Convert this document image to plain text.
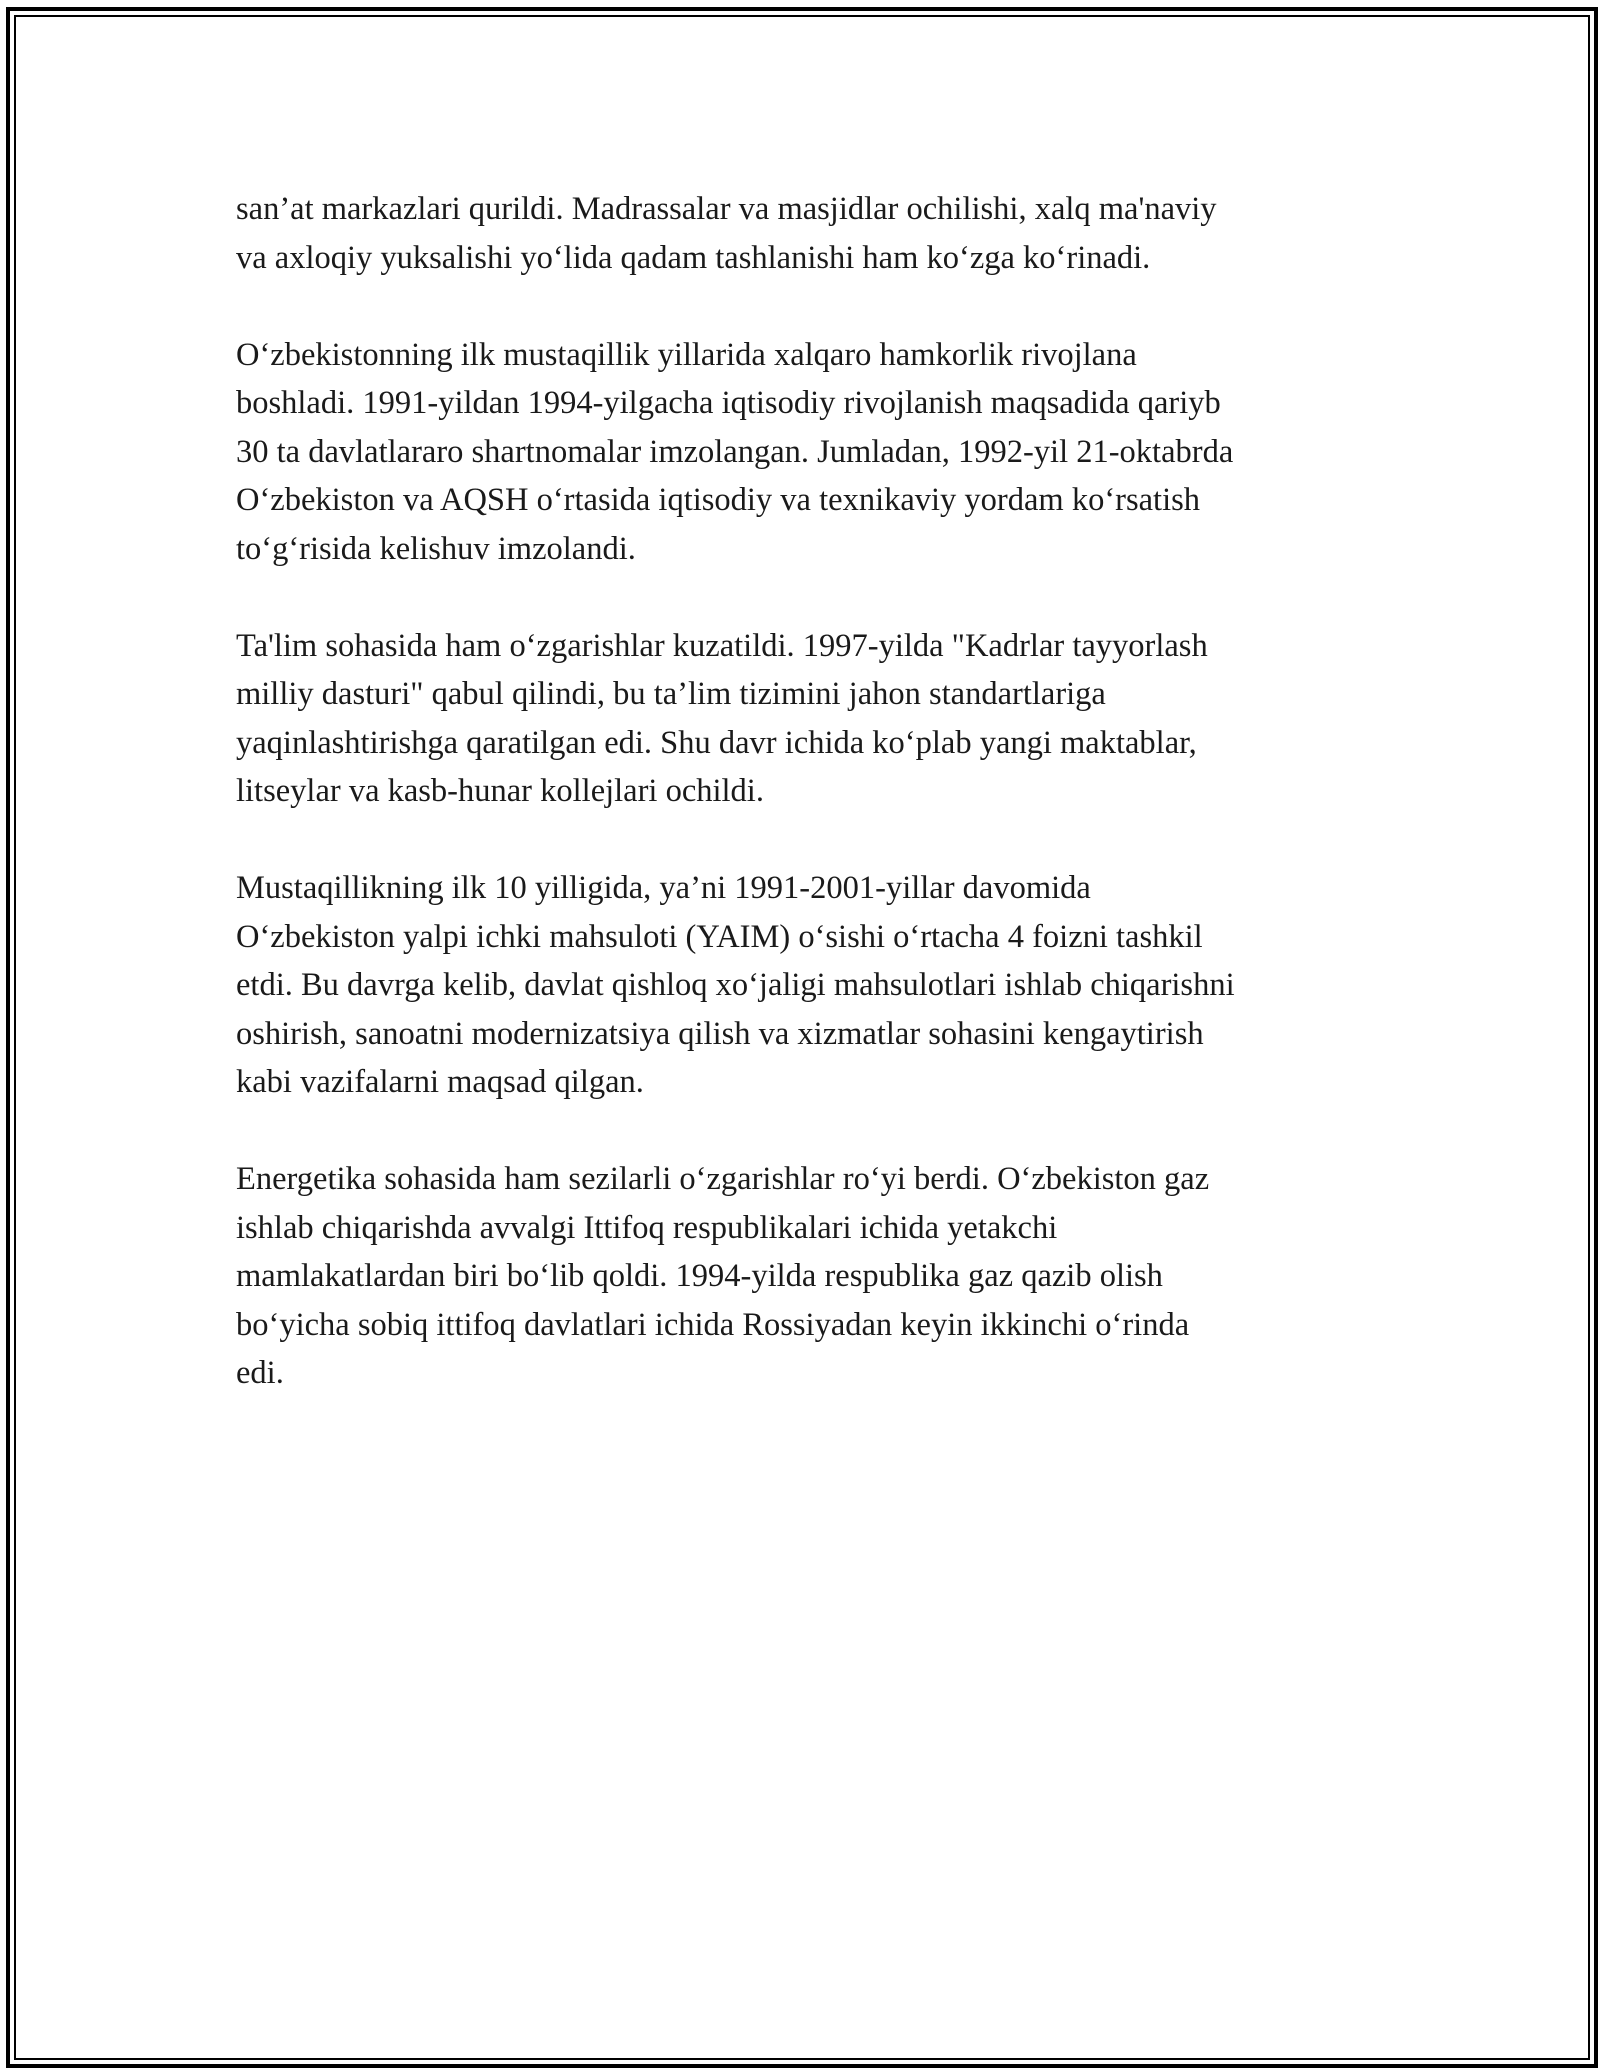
san’at markazlari qurildi. Madrassalar va masjidlar ochilishi, xalq ma'naviy
va axloqiy yuksalishi yo‘lida qadam tashlanishi ham ko‘zga ko‘rinadi.

O‘zbekistonning ilk mustaqillik yillarida xalqaro hamkorlik rivojlana
boshladi. 1991-yildan 1994-yilgacha iqtisodiy rivojlanish maqsadida qariyb
30 ta davlatlararo shartnomalar imzolangan. Jumladan, 1992-yil 21-oktabrda
O‘zbekiston va AQSH o‘rtasida iqtisodiy va texnikaviy yordam ko‘rsatish
to‘g‘risida kelishuv imzolandi.

Ta'lim sohasida ham o‘zgarishlar kuzatildi. 1997-yilda "Kadrlar tayyorlash
milliy dasturi" qabul qilindi, bu ta’lim tizimini jahon standartlariga
yaqinlashtirishga qaratilgan edi. Shu davr ichida ko‘plab yangi maktablar,
litseylar va kasb-hunar kollejlari ochildi.

Mustaqillikning ilk 10 yilligida, ya’ni 1991-2001-yillar davomida
O‘zbekiston yalpi ichki mahsuloti (YAIM) o‘sishi o‘rtacha 4 foizni tashkil
etdi. Bu davrga kelib, davlat qishloq xo‘jaligi mahsulotlari ishlab chiqarishni
oshirish, sanoatni modernizatsiya qilish va xizmatlar sohasini kengaytirish
kabi vazifalarni maqsad qilgan.

Energetika sohasida ham sezilarli o‘zgarishlar ro‘yi berdi. O‘zbekiston gaz
ishlab chiqarishda avvalgi Ittifoq respublikalari ichida yetakchi
mamlakatlardan biri bo‘lib qoldi. 1994-yilda respublika gaz qazib olish
bo‘yicha sobiq ittifoq davlatlari ichida Rossiyadan keyin ikkinchi o‘rinda
edi.
